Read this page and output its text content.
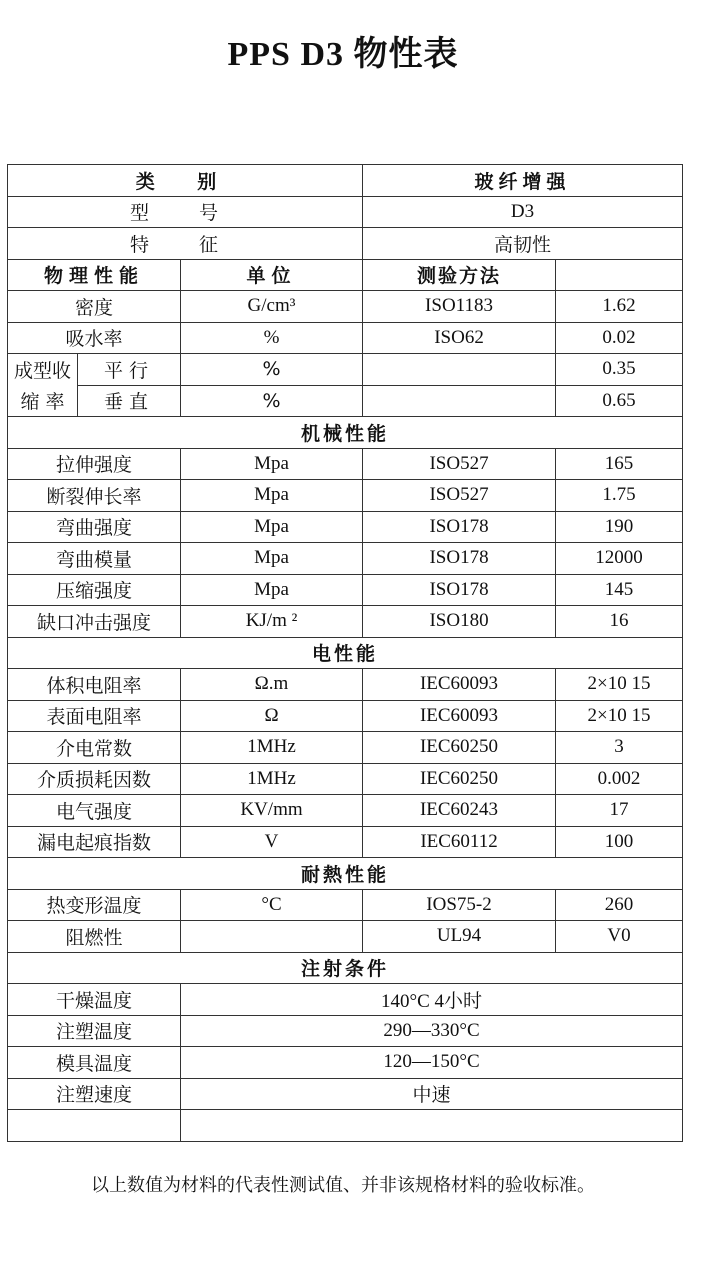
PPS D3 物性表
类 别			玻纤增强	
型 号			D3	
特 征			高韧性	
物理性能		单位	测验方法	
密度		G/cm³	ISO1183	1.62
吸水率		%	ISO62	0.02
成型收	平行	%		0.35
缩 率	垂直	%		0.65
机械性能				
拉伸强度		Mpa	ISO527	165
断裂伸长率		Mpa	ISO527	1.75
弯曲强度		Mpa	ISO178	190
弯曲模量		Mpa	ISO178	12000
压缩强度		Mpa	ISO178	145
缺口冲击强度		KJ/m ²	ISO180	16
电性能				
体积电阻率		Ω.m	IEC60093	2×10 15
表面电阻率		Ω	IEC60093	2×10 15
介电常数		1MHz	IEC60250	3
介质损耗因数		1MHz	IEC60250	0.002
电气强度		KV/mm	IEC60243	17
漏电起痕指数		V	IEC60112	100
耐熱性能				
热变形温度		°C	IOS75-2	260
阻燃性			UL94	V0
注射条件				
干燥温度		140°C 4小时		
注塑温度		290—330°C		
模具温度		120—150°C		
注塑速度		中速		

以上数值为材料的代表性测试值、并非该规格材料的验收标准。
